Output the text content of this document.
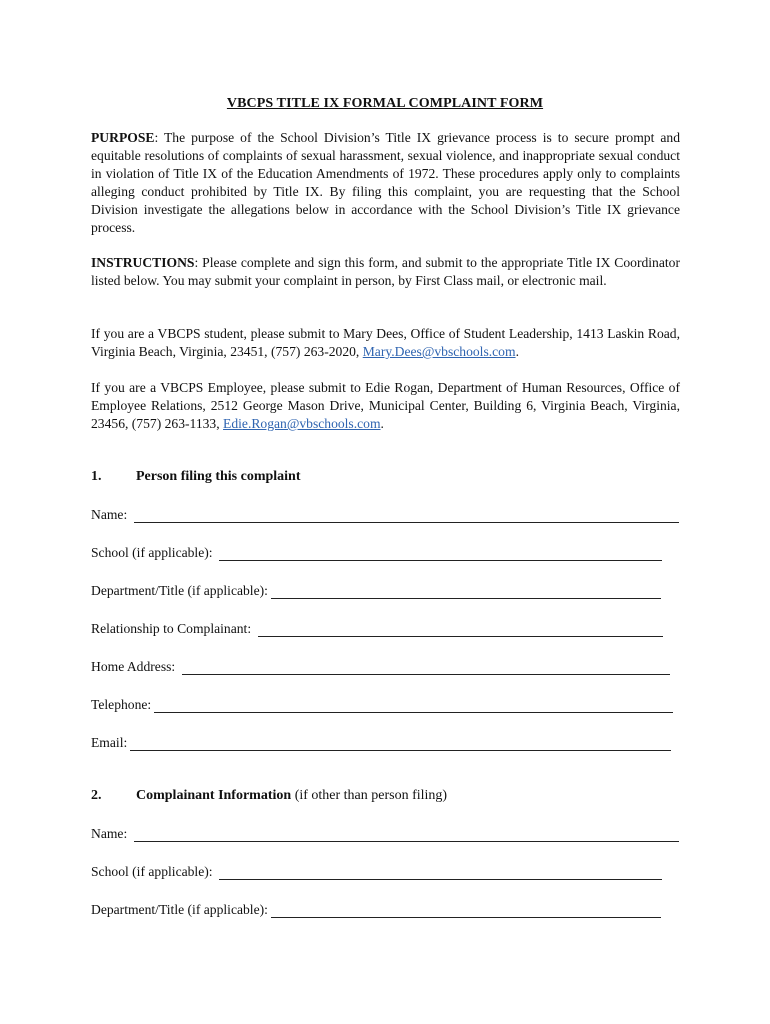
VBCPS TITLE IX FORMAL COMPLAINT FORM

PURPOSE: The purpose of the School Division’s Title IX grievance process is to secure prompt and equitable resolutions of complaints of sexual harassment, sexual violence, and inappropriate sexual conduct in violation of Title IX of the Education Amendments of 1972. These procedures apply only to complaints alleging conduct prohibited by Title IX. By filing this complaint, you are requesting that the School Division investigate the allegations below in accordance with the School Division’s Title IX grievance process.

INSTRUCTIONS: Please complete and sign this form, and submit to the appropriate Title IX Coordinator listed below. You may submit your complaint in person, by First Class mail, or electronic mail.

If you are a VBCPS student, please submit to Mary Dees, Office of Student Leadership, 1413 Laskin Road, Virginia Beach, Virginia, 23451, (757) 263-2020, Mary.Dees@vbschools.com.

If you are a VBCPS Employee, please submit to Edie Rogan, Department of Human Resources, Office of Employee Relations, 2512 George Mason Drive, Municipal Center, Building 6, Virginia Beach, Virginia, 23456, (757) 263-1133, Edie.Rogan@vbschools.com.

1. Person filing this complaint
Name:
School (if applicable):
Department/Title (if applicable):
Relationship to Complainant:
Home Address:
Telephone:
Email:
2. Complainant Information (if other than person filing)
Name:
School (if applicable):
Department/Title (if applicable):
